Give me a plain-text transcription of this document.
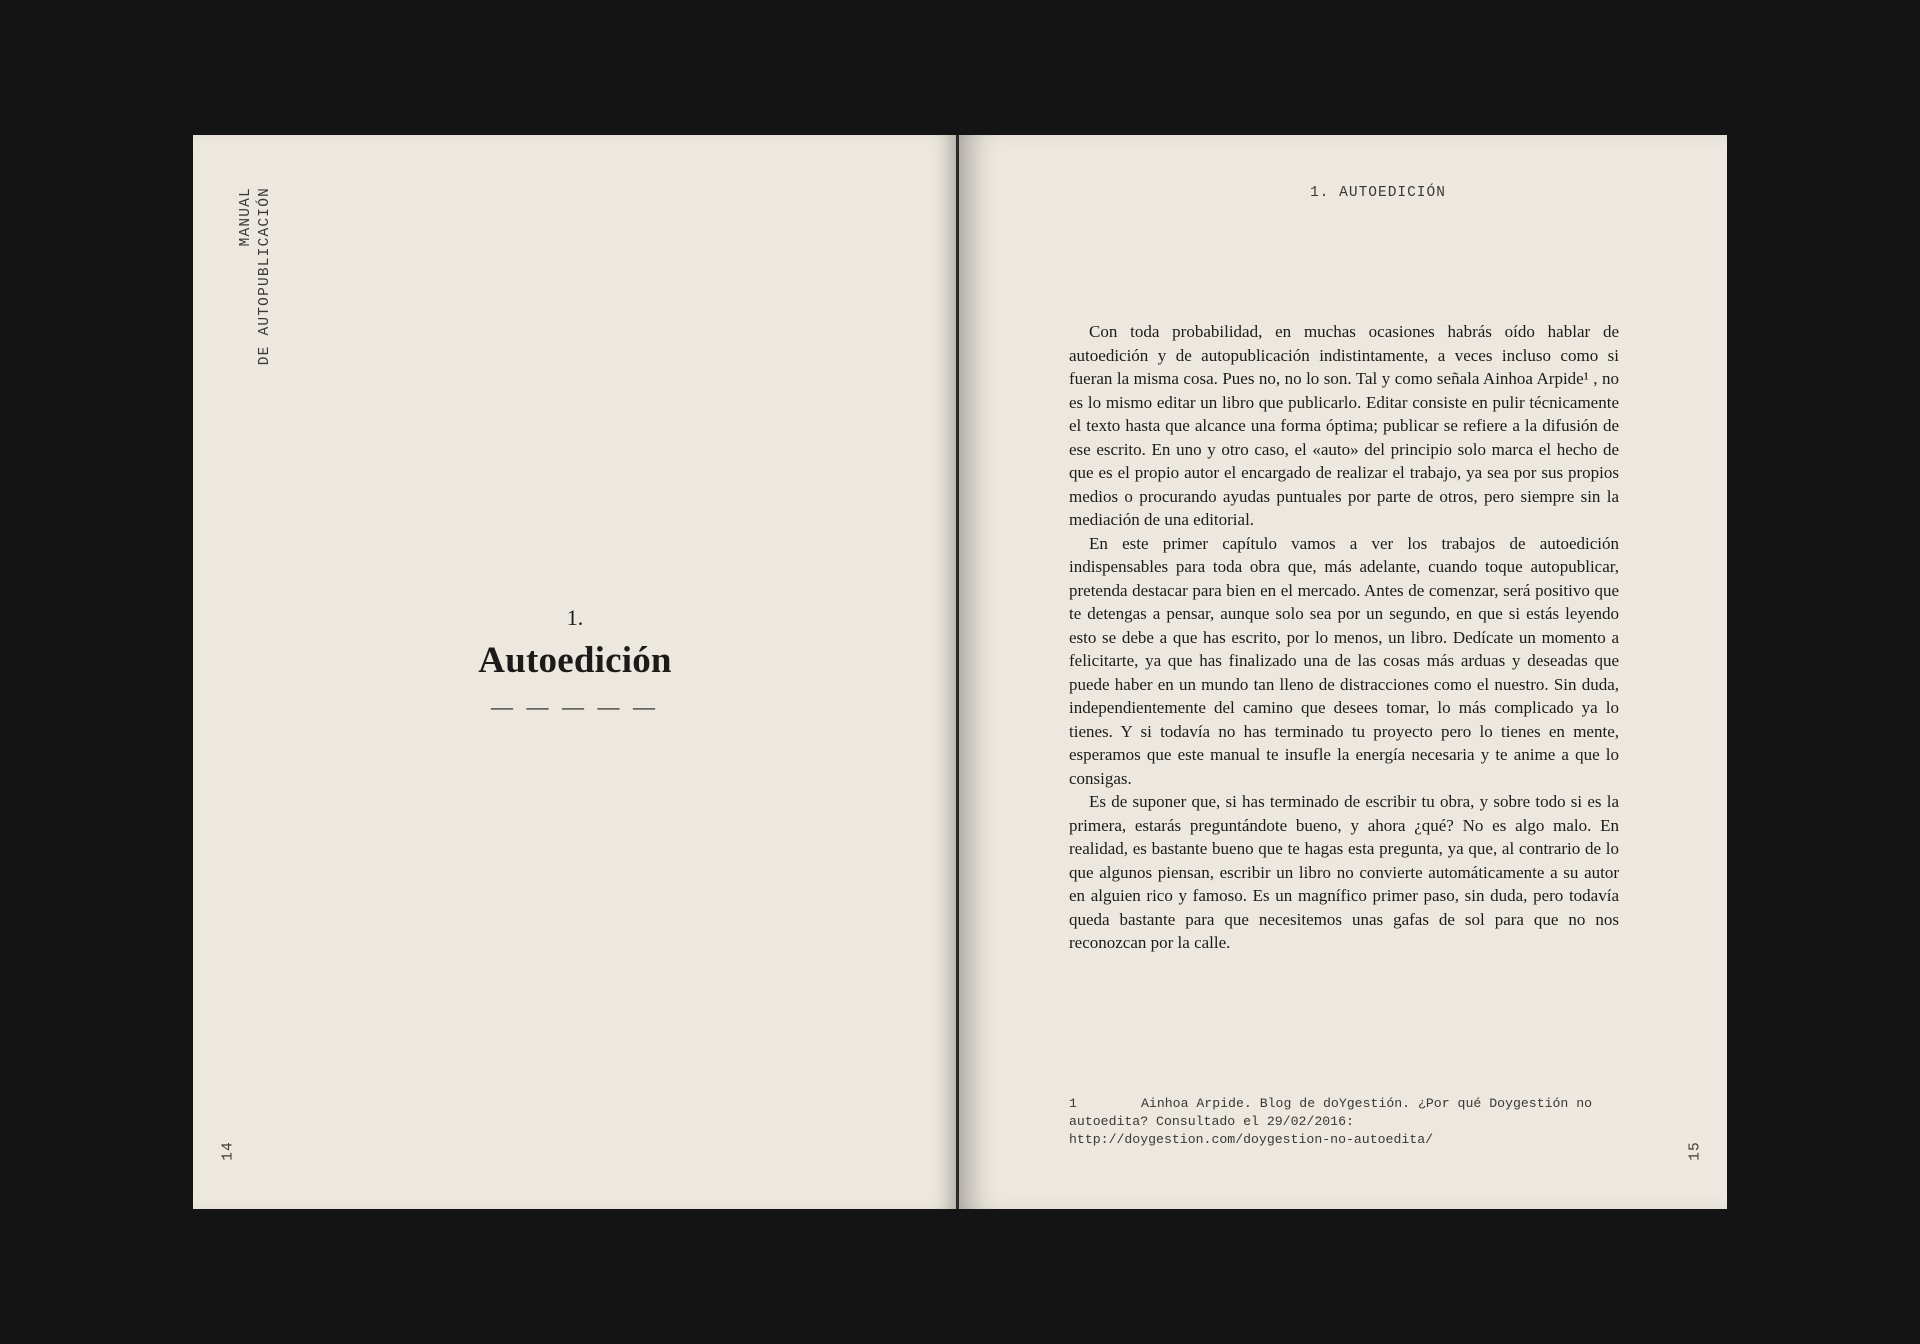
MANUAL DE AUTOPUBLICACIÓN
1.
Autoedición
— — — — —
14
1. AUTOEDICIÓN

Con toda probabilidad, en muchas ocasiones habrás oído hablar de autoedición y de autopublicación indistintamente, a veces incluso como si fueran la misma cosa. Pues no, no lo son. Tal y como señala Ainhoa Arpide¹ , no es lo mismo editar un libro que publicarlo. Editar consiste en pulir técnicamente el texto hasta que alcance una forma óptima; publicar se refiere a la difusión de ese escrito. En uno y otro caso, el «auto» del principio solo marca el hecho de que es el propio autor el encargado de realizar el trabajo, ya sea por sus propios medios o procurando ayudas puntuales por parte de otros, pero siempre sin la mediación de una editorial.

En este primer capítulo vamos a ver los trabajos de autoedición indispensables para toda obra que, más adelante, cuando toque autopublicar, pretenda destacar para bien en el mercado. Antes de comenzar, será positivo que te detengas a pensar, aunque solo sea por un segundo, en que si estás leyendo esto se debe a que has escrito, por lo menos, un libro. Dedícate un momento a felicitarte, ya que has finalizado una de las cosas más arduas y deseadas que puede haber en un mundo tan lleno de distracciones como el nuestro. Sin duda, independientemente del camino que desees tomar, lo más complicado ya lo tienes. Y si todavía no has terminado tu proyecto pero lo tienes en mente, esperamos que este manual te insufle la energía necesaria y te anime a que lo consigas.

Es de suponer que, si has terminado de escribir tu obra, y sobre todo si es la primera, estarás preguntándote bueno, y ahora ¿qué? No es algo malo. En realidad, es bastante bueno que te hagas esta pregunta, ya que, al contrario de lo que algunos piensan, escribir un libro no convierte automáticamente a su autor en alguien rico y famoso. Es un magnífico primer paso, sin duda, pero todavía queda bastante para que necesitemos unas gafas de sol para que no nos reconozcan por la calle.

1	Ainhoa Arpide. Blog de doYgestión. ¿Por qué Doygestión no autoedita? Consultado el 29/02/2016: http://doygestion.com/doygestion-no-autoedita/
15
